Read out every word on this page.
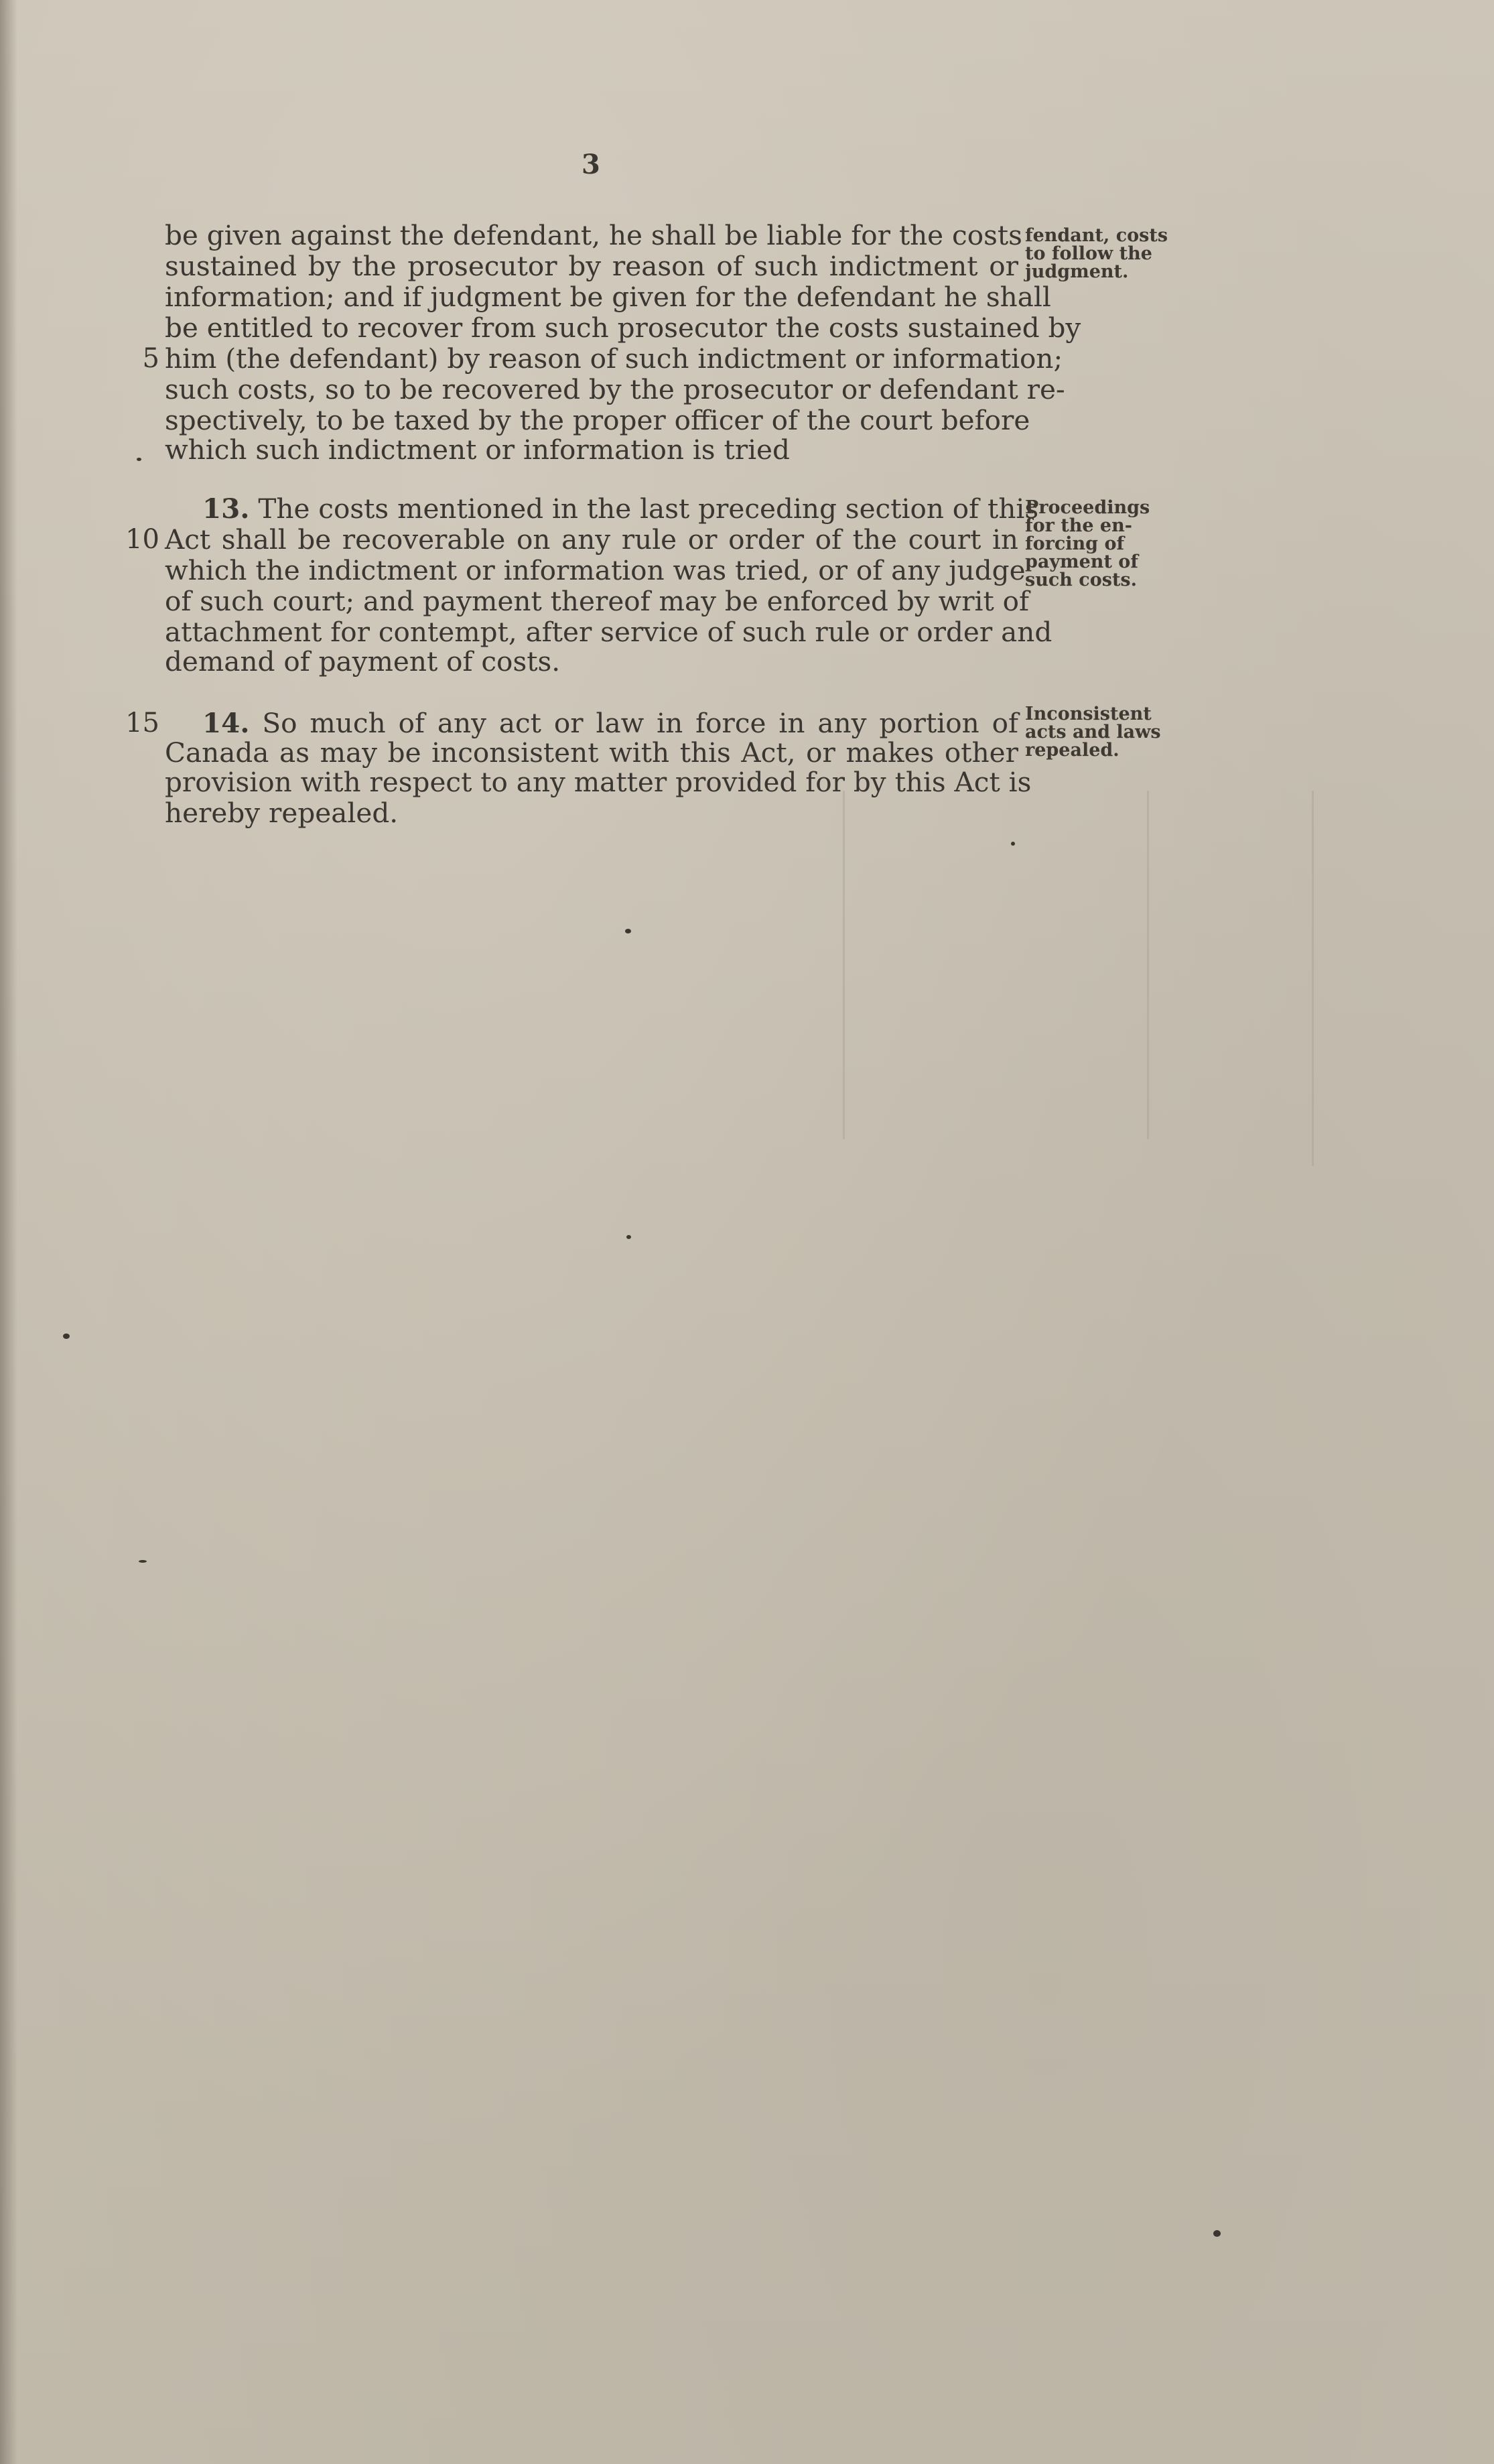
3
be given against the defendant, he shall be liable for the costs
sustained by the prosecutor by reason of such indictment or
information; and if judgment be given for the defendant he shall
be entitled to recover from such prosecutor the costs sustained by
5 him (the defendant) by reason of such indictment or information;
such costs, so to be recovered by the prosecutor or defendant re-
spectively, to be taxed by the proper officer of the court before
which such indictment or information is tried
fendant, costs
to follow the
judgment.
13. The costs mentioned in the last preceding section of this
10 Act shall be recoverable on any rule or order of the court in
which the indictment or information was tried, or of any judge
of such court; and payment thereof may be enforced by writ of
attachment for contempt, after service of such rule or order and
demand of payment of costs.
Proceedings
for the en-
forcing of
payment of
such costs.
15 14. So much of any act or law in force in any portion of
Canada as may be inconsistent with this Act, or makes other
provision with respect to any matter provided for by this Act is
hereby repealed.
Inconsistent
acts and laws
repealed.
